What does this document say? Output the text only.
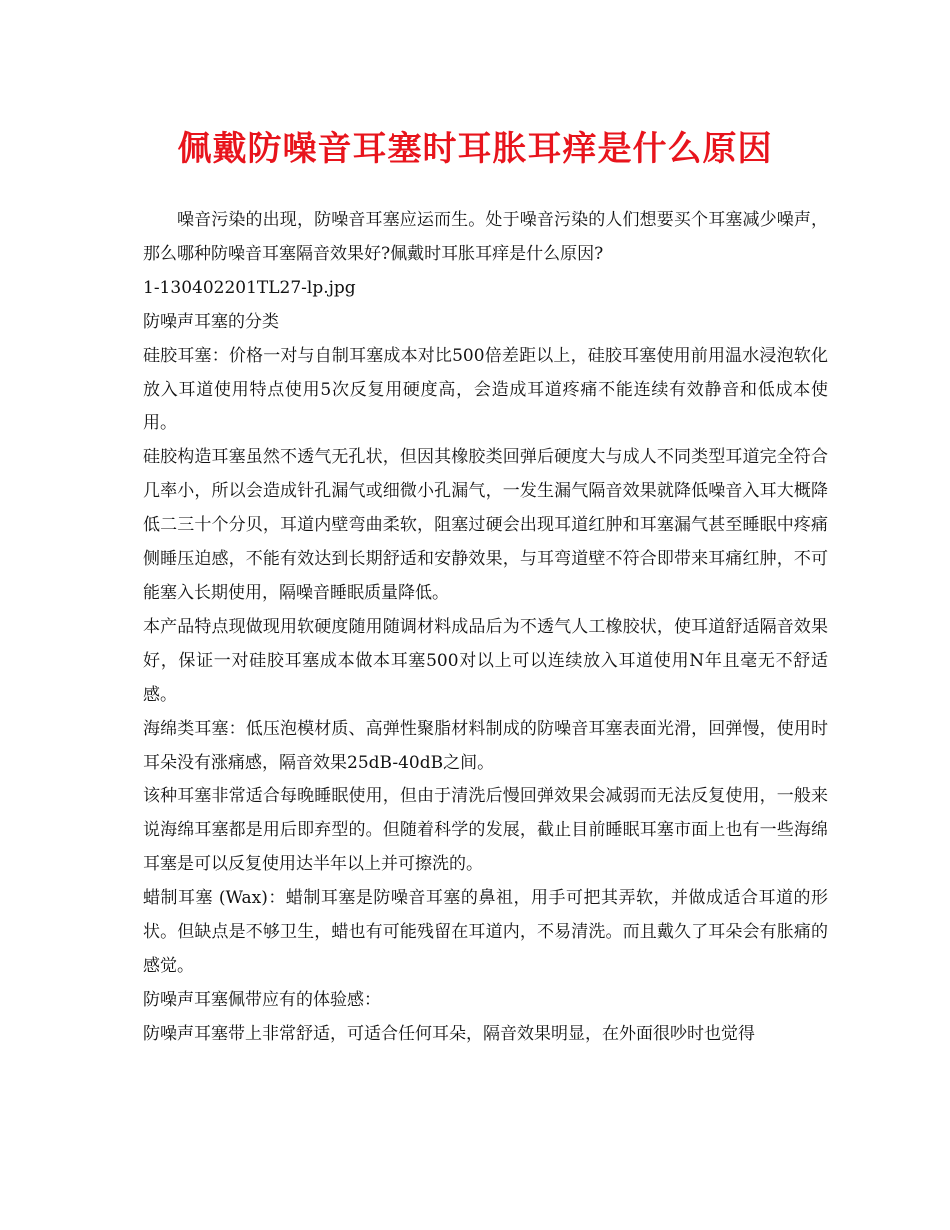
佩戴防噪音耳塞时耳胀耳痒是什么原因

噪音污染的出现，防噪音耳塞应运而生。处于噪音污染的人们想要买个耳塞减少噪声，那么哪种防噪音耳塞隔音效果好?佩戴时耳胀耳痒是什么原因?

1-130402201TL27-lp.jpg

防噪声耳塞的分类

硅胶耳塞：价格一对与自制耳塞成本对比500倍差距以上，硅胶耳塞使用前用温水浸泡软化放入耳道使用特点使用5次反复用硬度高，会造成耳道疼痛不能连续有效静音和低成本使用。

硅胶构造耳塞虽然不透气无孔状，但因其橡胶类回弹后硬度大与成人不同类型耳道完全符合几率小，所以会造成针孔漏气或细微小孔漏气，一发生漏气隔音效果就降低噪音入耳大概降低二三十个分贝，耳道内壁弯曲柔软，阻塞过硬会出现耳道红肿和耳塞漏气甚至睡眠中疼痛侧睡压迫感，不能有效达到长期舒适和安静效果，与耳弯道壁不符合即带来耳痛红肿，不可能塞入长期使用，隔噪音睡眠质量降低。

本产品特点现做现用软硬度随用随调材料成品后为不透气人工橡胶状，使耳道舒适隔音效果好，保证一对硅胶耳塞成本做本耳塞500对以上可以连续放入耳道使用N年且毫无不舒适感。

海绵类耳塞：低压泡模材质、高弹性聚脂材料制成的防噪音耳塞表面光滑，回弹慢，使用时耳朵没有涨痛感，隔音效果25dB-40dB之间。

该种耳塞非常适合每晚睡眠使用，但由于清洗后慢回弹效果会减弱而无法反复使用，一般来说海绵耳塞都是用后即弃型的。但随着科学的发展，截止目前睡眠耳塞市面上也有一些海绵耳塞是可以反复使用达半年以上并可擦洗的。

蜡制耳塞 (Wax)：蜡制耳塞是防噪音耳塞的鼻祖，用手可把其弄软，并做成适合耳道的形状。但缺点是不够卫生，蜡也有可能残留在耳道内，不易清洗。而且戴久了耳朵会有胀痛的感觉。

防噪声耳塞佩带应有的体验感：

防噪声耳塞带上非常舒适，可适合任何耳朵，隔音效果明显，在外面很吵时也觉得
